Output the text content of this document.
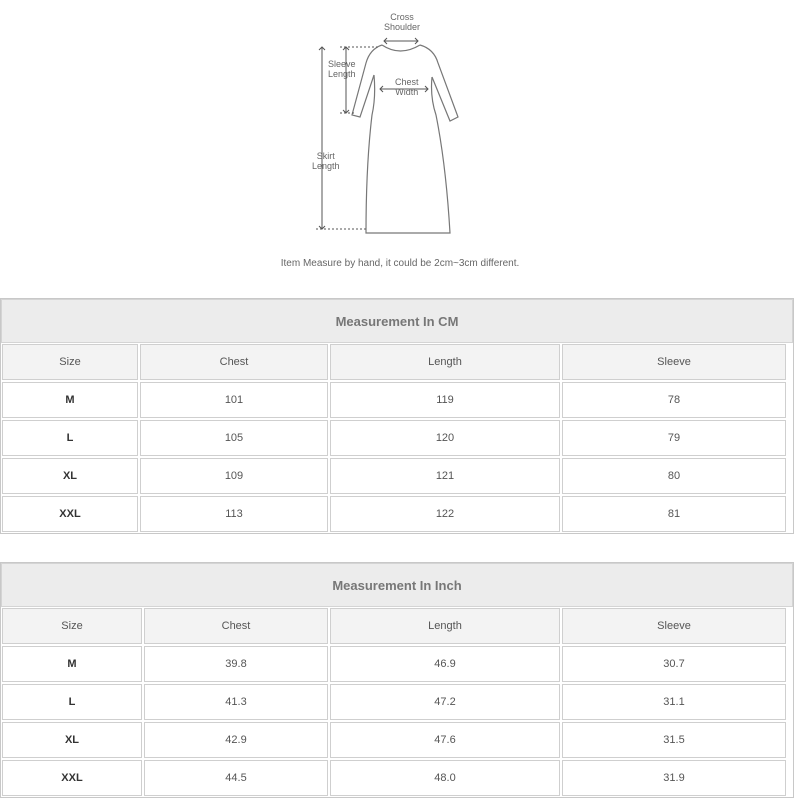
Cross
Shoulder
Sleeve
Length
Chest
Width
Skirt
Length
Item Measure by hand, it could be 2cm~3cm different.
Measurement In CM
Size	Chest	Length	Sleeve
M	101	119	78
L	105	120	79
XL	109	121	80
XXL	113	122	81
Measurement In Inch
Size	Chest	Length	Sleeve
M	39.8	46.9	30.7
L	41.3	47.2	31.1
XL	42.9	47.6	31.5
XXL	44.5	48.0	31.9
